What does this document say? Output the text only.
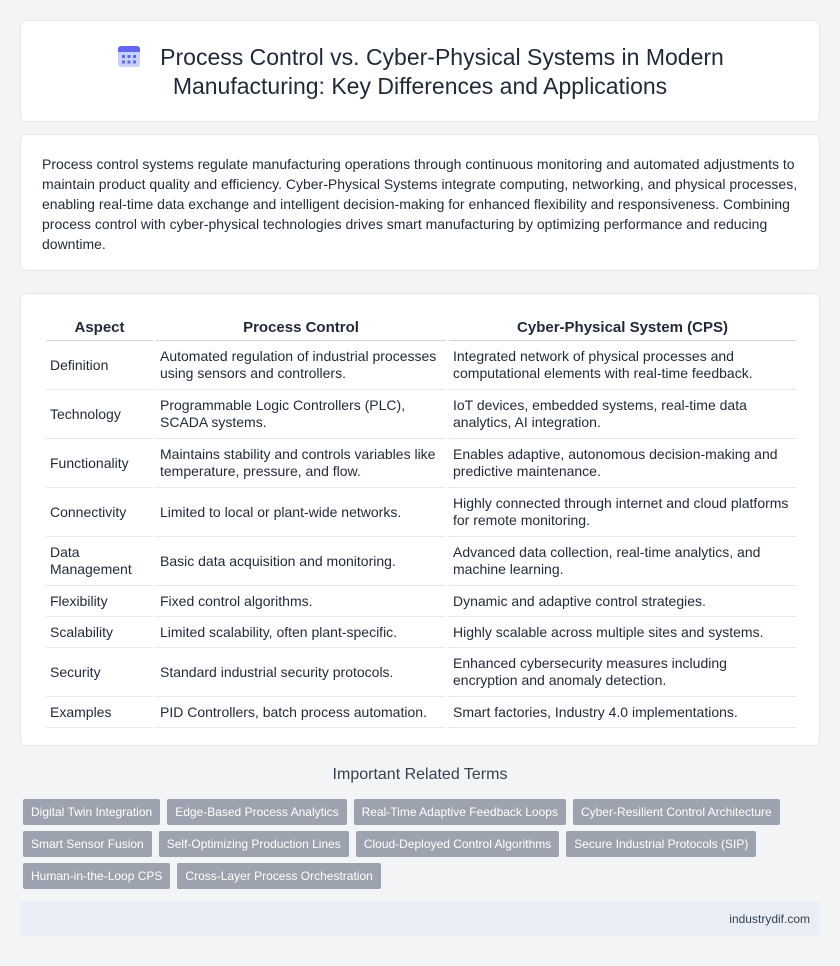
Process Control vs. Cyber-Physical Systems in Modern
Manufacturing: Key Differences and Applications

Process control systems regulate manufacturing operations through continuous monitoring and automated adjustments to maintain product quality and efficiency. Cyber-Physical Systems integrate computing, networking, and physical processes, enabling real-time data exchange and intelligent decision-making for enhanced flexibility and responsiveness. Combining process control with cyber-physical technologies drives smart manufacturing by optimizing performance and reducing downtime.

Aspect	Process Control	Cyber-Physical System (CPS)
Definition	Automated regulation of industrial processes using sensors and controllers.	Integrated network of physical processes and computational elements with real-time feedback.
Technology	Programmable Logic Controllers (PLC), SCADA systems.	IoT devices, embedded systems, real-time data analytics, AI integration.
Functionality	Maintains stability and controls variables like temperature, pressure, and flow.	Enables adaptive, autonomous decision-making and predictive maintenance.
Connectivity	Limited to local or plant-wide networks.	Highly connected through internet and cloud platforms for remote monitoring.
Data Management	Basic data acquisition and monitoring.	Advanced data collection, real-time analytics, and machine learning.
Flexibility	Fixed control algorithms.	Dynamic and adaptive control strategies.
Scalability	Limited scalability, often plant-specific.	Highly scalable across multiple sites and systems.
Security	Standard industrial security protocols.	Enhanced cybersecurity measures including encryption and anomaly detection.
Examples	PID Controllers, batch process automation.	Smart factories, Industry 4.0 implementations.
Important Related Terms
Digital Twin Integration	Edge-Based Process Analytics	Real-Time Adaptive Feedback Loops	Cyber-Resilient Control Architecture
Smart Sensor Fusion	Self-Optimizing Production Lines	Cloud-Deployed Control Algorithms	Secure Industrial Protocols (SIP)
Human-in-the-Loop CPS	Cross-Layer Process Orchestration
industrydif.com
